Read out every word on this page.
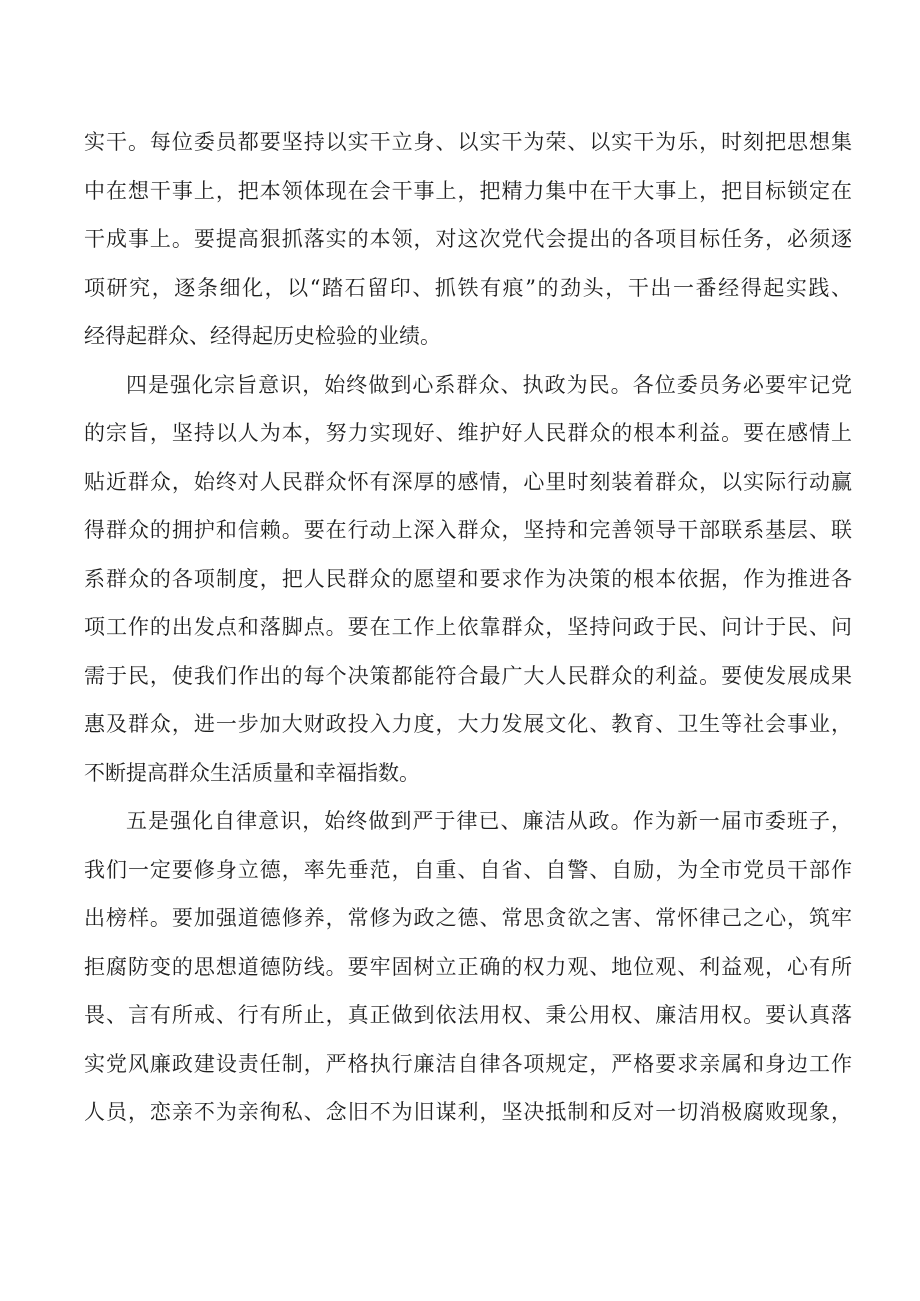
实干。每位委员都要坚持以实干立身、以实干为荣、以实干为乐，时刻把思想集
中在想干事上，把本领体现在会干事上，把精力集中在干大事上，把目标锁定在
干成事上。要提高狠抓落实的本领，对这次党代会提出的各项目标任务，必须逐
项研究，逐条细化，以“踏石留印、抓铁有痕”的劲头，干出一番经得起实践、
经得起群众、经得起历史检验的业绩。
四是强化宗旨意识，始终做到心系群众、执政为民。各位委员务必要牢记党
的宗旨，坚持以人为本，努力实现好、维护好人民群众的根本利益。要在感情上
贴近群众，始终对人民群众怀有深厚的感情，心里时刻装着群众，以实际行动赢
得群众的拥护和信赖。要在行动上深入群众，坚持和完善领导干部联系基层、联
系群众的各项制度，把人民群众的愿望和要求作为决策的根本依据，作为推进各
项工作的出发点和落脚点。要在工作上依靠群众，坚持问政于民、问计于民、问
需于民，使我们作出的每个决策都能符合最广大人民群众的利益。要使发展成果
惠及群众，进一步加大财政投入力度，大力发展文化、教育、卫生等社会事业，
不断提高群众生活质量和幸福指数。
五是强化自律意识，始终做到严于律已、廉洁从政。作为新一届市委班子，
我们一定要修身立德，率先垂范，自重、自省、自警、自励，为全市党员干部作
出榜样。要加强道德修养，常修为政之德、常思贪欲之害、常怀律己之心，筑牢
拒腐防变的思想道德防线。要牢固树立正确的权力观、地位观、利益观，心有所
畏、言有所戒、行有所止，真正做到依法用权、秉公用权、廉洁用权。要认真落
实党风廉政建设责任制，严格执行廉洁自律各项规定，严格要求亲属和身边工作
人员，恋亲不为亲徇私、念旧不为旧谋利，坚决抵制和反对一切消极腐败现象，
